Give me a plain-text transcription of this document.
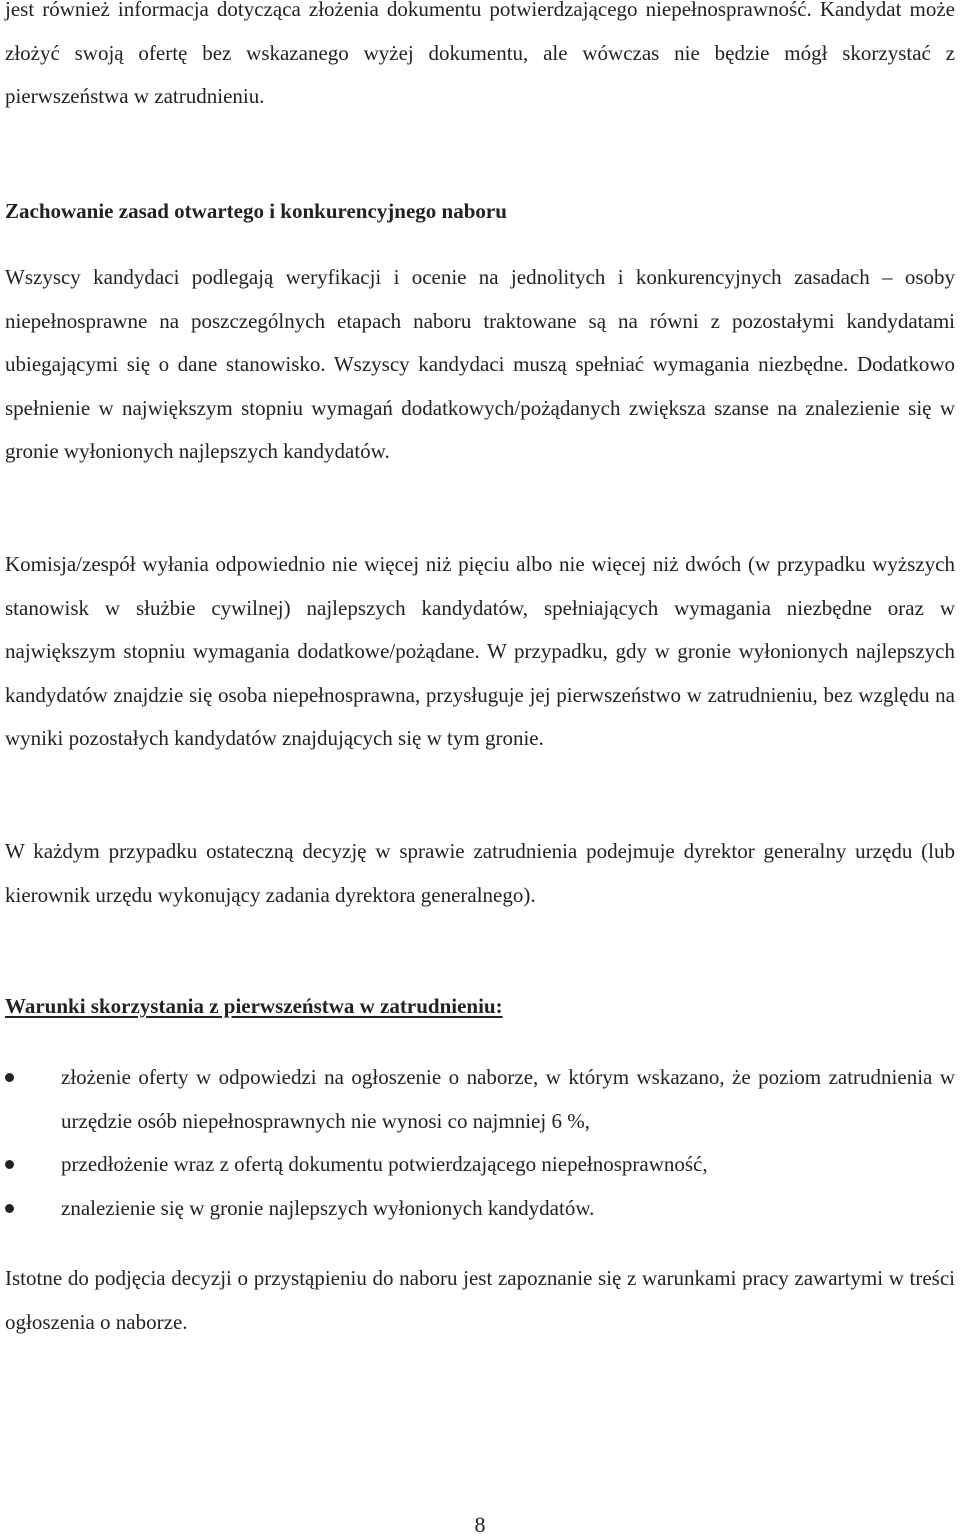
jest również informacja dotycząca złożenia dokumentu potwierdzającego niepełnosprawność. Kandydat może złożyć swoją ofertę bez wskazanego wyżej dokumentu, ale wówczas nie będzie mógł skorzystać z pierwszeństwa w zatrudnieniu.

Zachowanie zasad otwartego i konkurencyjnego naboru

Wszyscy kandydaci podlegają weryfikacji i ocenie na jednolitych i konkurencyjnych zasadach – osoby niepełnosprawne na poszczególnych etapach naboru traktowane są na równi z pozostałymi kandydatami ubiegającymi się o dane stanowisko. Wszyscy kandydaci muszą spełniać wymagania niezbędne. Dodatkowo spełnienie w największym stopniu wymagań dodatkowych/pożądanych zwiększa szanse na znalezienie się w gronie wyłonionych najlepszych kandydatów.

Komisja/zespół wyłania odpowiednio nie więcej niż pięciu albo nie więcej niż dwóch (w przypadku wyższych stanowisk w służbie cywilnej) najlepszych kandydatów, spełniających wymagania niezbędne oraz w największym stopniu wymagania dodatkowe/pożądane. W przypadku, gdy w gronie wyłonionych najlepszych kandydatów znajdzie się osoba niepełnosprawna, przysługuje jej pierwszeństwo w zatrudnieniu, bez względu na wyniki pozostałych kandydatów znajdujących się w tym gronie.

W każdym przypadku ostateczną decyzję w sprawie zatrudnienia podejmuje dyrektor generalny urzędu (lub kierownik urzędu wykonujący zadania dyrektora generalnego).

Warunki skorzystania z pierwszeństwa w zatrudnieniu:
złożenie oferty w odpowiedzi na ogłoszenie o naborze, w którym wskazano, że poziom zatrudnienia w urzędzie osób niepełnosprawnych nie wynosi co najmniej 6 %,
przedłożenie wraz z ofertą dokumentu potwierdzającego niepełnosprawność,
znalezienie się w gronie najlepszych wyłonionych kandydatów.

Istotne do podjęcia decyzji o przystąpieniu do naboru jest zapoznanie się z warunkami pracy zawartymi w treści ogłoszenia o naborze.

8
